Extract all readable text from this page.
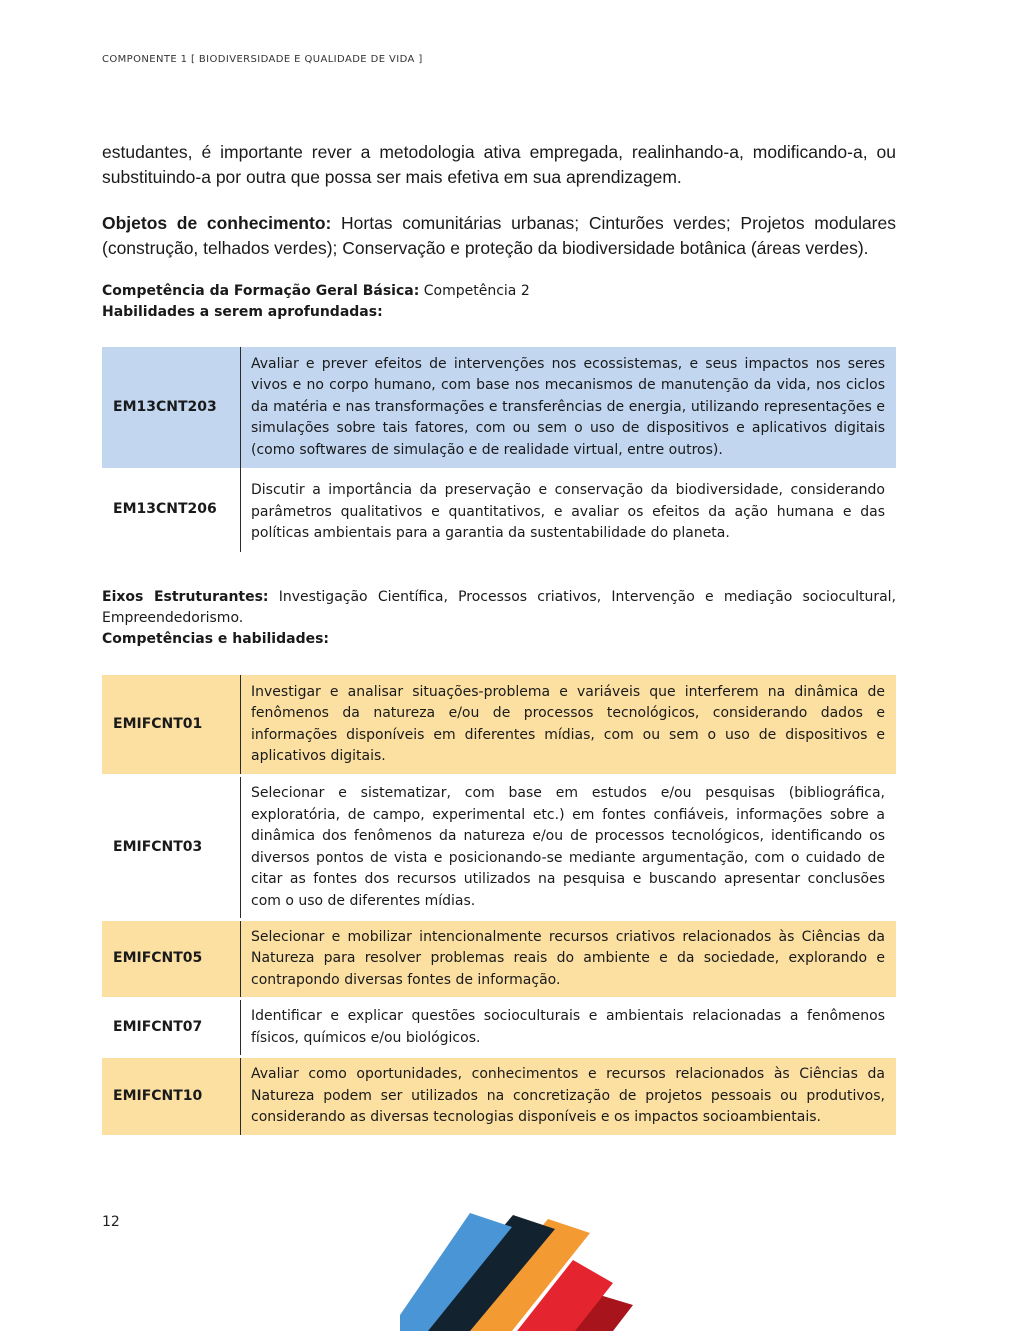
COMPONENTE 1 [ BIODIVERSIDADE E QUALIDADE DE VIDA ]
estudantes, é importante rever a metodologia ativa empregada, realinhando-a, modificando-a, ou substituindo-a por outra que possa ser mais efetiva em sua aprendizagem.
Objetos de conhecimento: Hortas comunitárias urbanas; Cinturões verdes; Projetos modulares (construção, telhados verdes); Conservação e proteção da biodiversidade botânica (áreas verdes).
Competência da Formação Geral Básica: Competência 2
Habilidades a serem aprofundadas:
EM13CNT203	Avaliar e prever efeitos de intervenções nos ecossistemas, e seus impactos nos seres vivos e no corpo humano, com base nos mecanismos de manutenção da vida, nos ciclos da matéria e nas transformações e transferências de energia, utilizando representações e simulações sobre tais fatores, com ou sem o uso de dispositivos e aplicativos digitais (como softwares de simulação e de realidade virtual, entre outros).
EM13CNT206	Discutir a importância da preservação e conservação da biodiversidade, considerando parâmetros qualitativos e quantitativos, e avaliar os efeitos da ação humana e das políticas ambientais para a garantia da sustentabilidade do planeta.
Eixos Estruturantes: Investigação Científica, Processos criativos, Intervenção e mediação sociocultural, Empreendedorismo.
Competências e habilidades:
EMIFCNT01	Investigar e analisar situações-problema e variáveis que interferem na dinâmica de fenômenos da natureza e/ou de processos tecnológicos, considerando dados e informações disponíveis em diferentes mídias, com ou sem o uso de dispositivos e aplicativos digitais.
EMIFCNT03	Selecionar e sistematizar, com base em estudos e/ou pesquisas (bibliográfica, exploratória, de campo, experimental etc.) em fontes confiáveis, informações sobre a dinâmica dos fenômenos da natureza e/ou de processos tecnológicos, identificando os diversos pontos de vista e posicionando-se mediante argumentação, com o cuidado de citar as fontes dos recursos utilizados na pesquisa e buscando apresentar conclusões com o uso de diferentes mídias.
EMIFCNT05	Selecionar e mobilizar intencionalmente recursos criativos relacionados às Ciências da Natureza para resolver problemas reais do ambiente e da sociedade, explorando e contrapondo diversas fontes de informação.
EMIFCNT07	Identificar e explicar questões socioculturais e ambientais relacionadas a fenômenos físicos, químicos e/ou biológicos.
EMIFCNT10	Avaliar como oportunidades, conhecimentos e recursos relacionados às Ciências da Natureza podem ser utilizados na concretização de projetos pessoais ou produtivos, considerando as diversas tecnologias disponíveis e os impactos socioambientais.
12
